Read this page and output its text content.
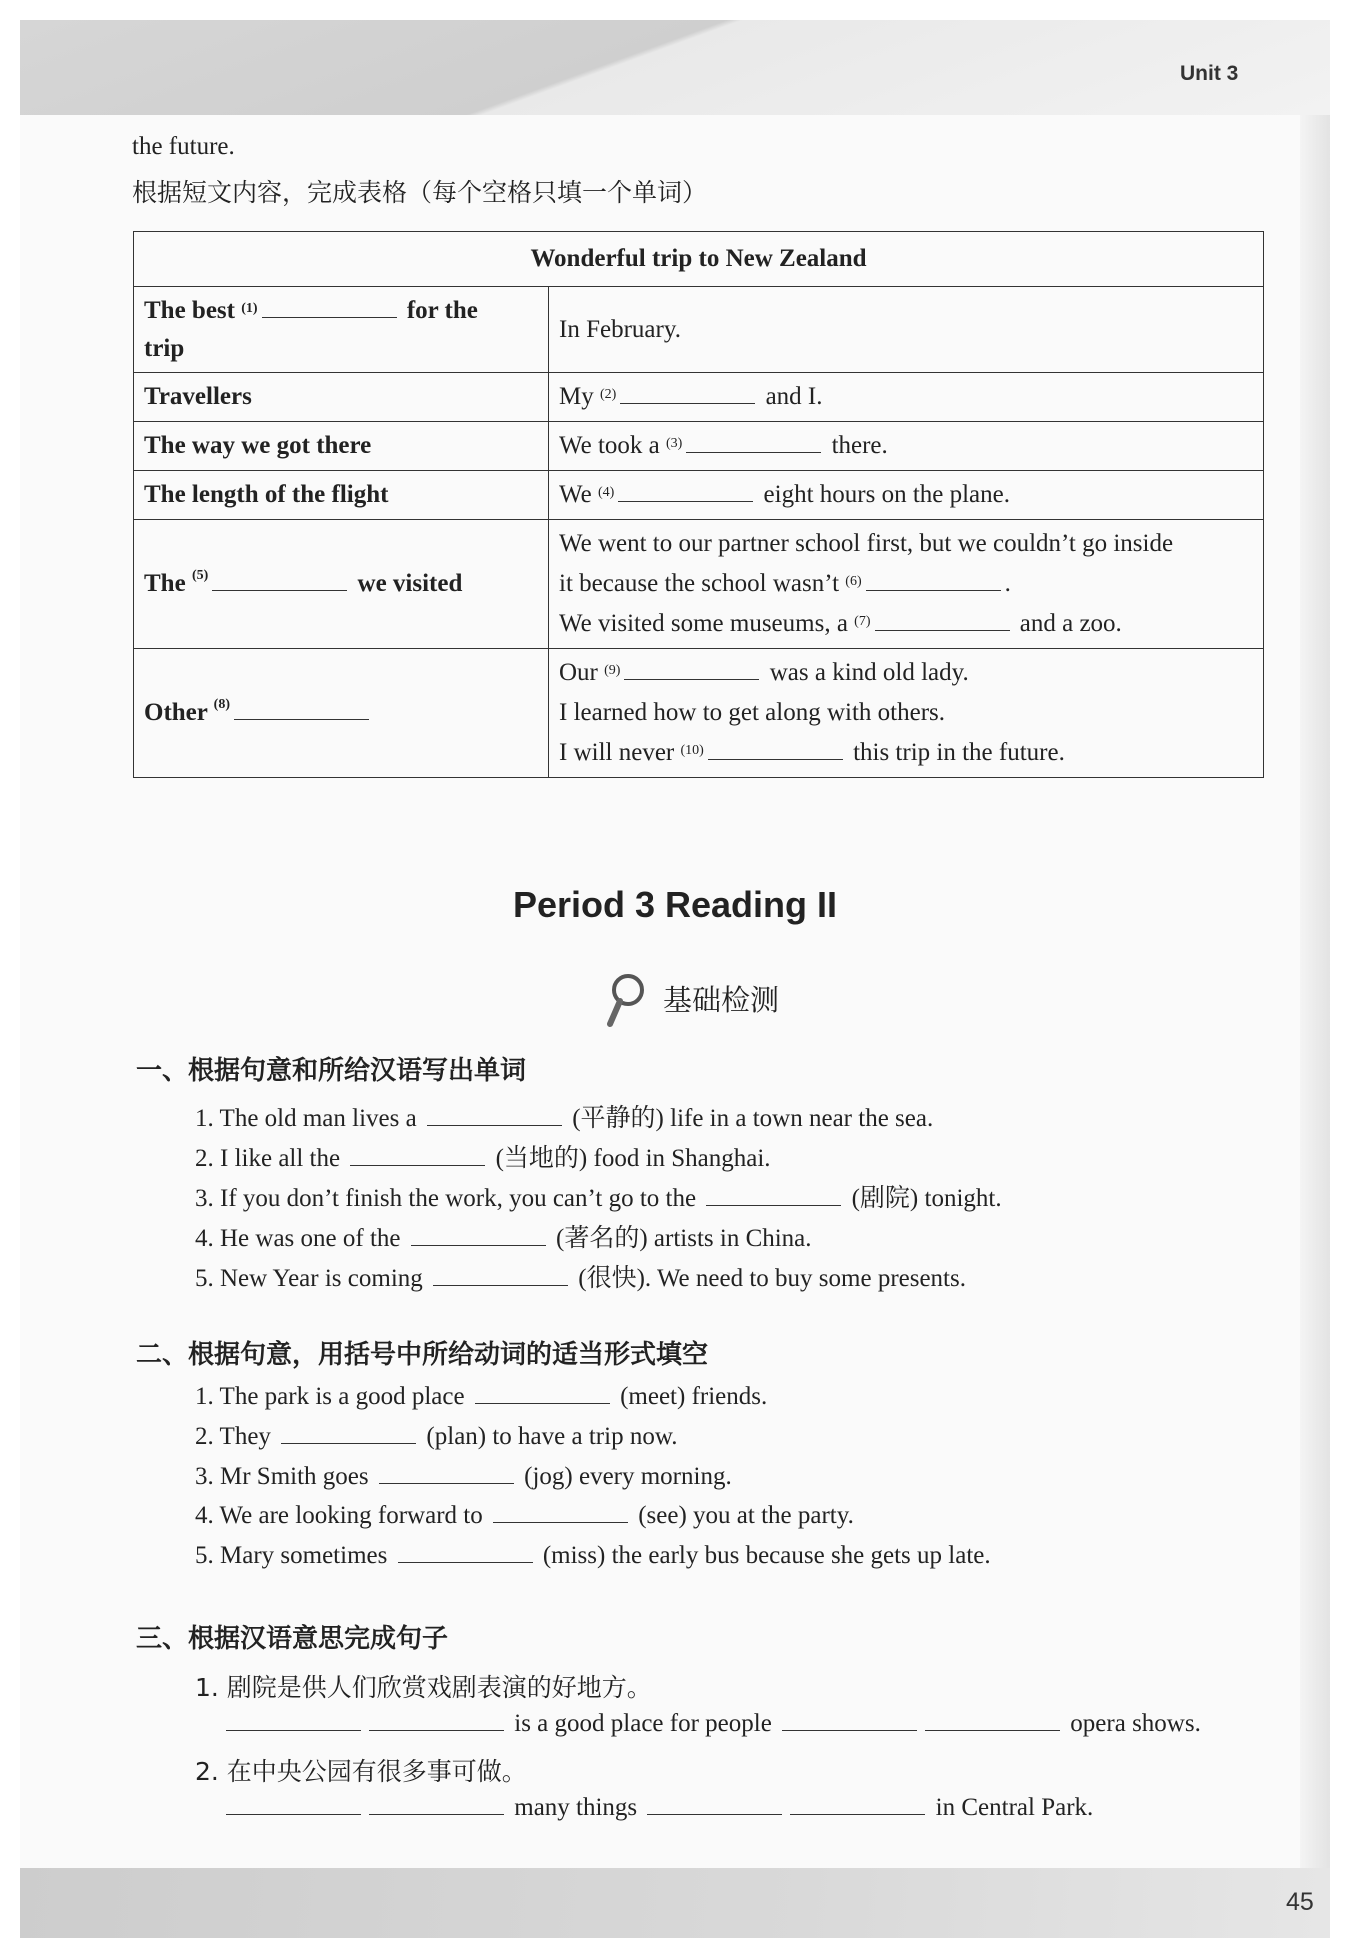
Unit 3
the future.
根据短文内容，完成表格（每个空格只填一个单词）
Wonderful trip to New Zealand	
The best $^{(1)}$ for the
trip	In February.
Travellers	My $^{(2)}$ and I.
The way we got there	We took a $^{(3)}$ there.
The length of the flight	We $^{(4)}$ eight hours on the plane.
The $^{(5)}$ we visited	We went to our partner school first, but we couldn’t go inside
it because the school wasn’t $^{(6)}$ .
We visited some museums, a $^{(7)}$ and a zoo.
Other $^{(8)}$	Our $^{(9)}$ was a kind old lady.
I learned how to get along with others.
I will never $^{(10)}$ this trip in the future.
Period 3 Reading II
基础检测
一、根据句意和所给汉语写出单词
1. The old man lives a	(平静的) life in a town near the sea.
2. I like all the	(当地的) food in Shanghai.
3. If you don’t finish the work, you can’t go to the	(剧院) tonight.
4. He was one of the	(著名的) artists in China.
5. New Year is coming	(很快). We need to buy some presents.
二、根据句意，用括号中所给动词的适当形式填空
1. The park is a good place	(meet) friends.
2. They	(plan) to have a trip now.
3. Mr Smith goes	(jog) every morning.
4. We are looking forward to	(see) you at the party.
5. Mary sometimes	(miss) the early bus because she gets up late.
三、根据汉语意思完成句子
1. 剧院是供人们欣赏戏剧表演的好地方。
is a good place for people	opera shows.
2. 在中央公园有很多事可做。
many things	in Central Park.
45
